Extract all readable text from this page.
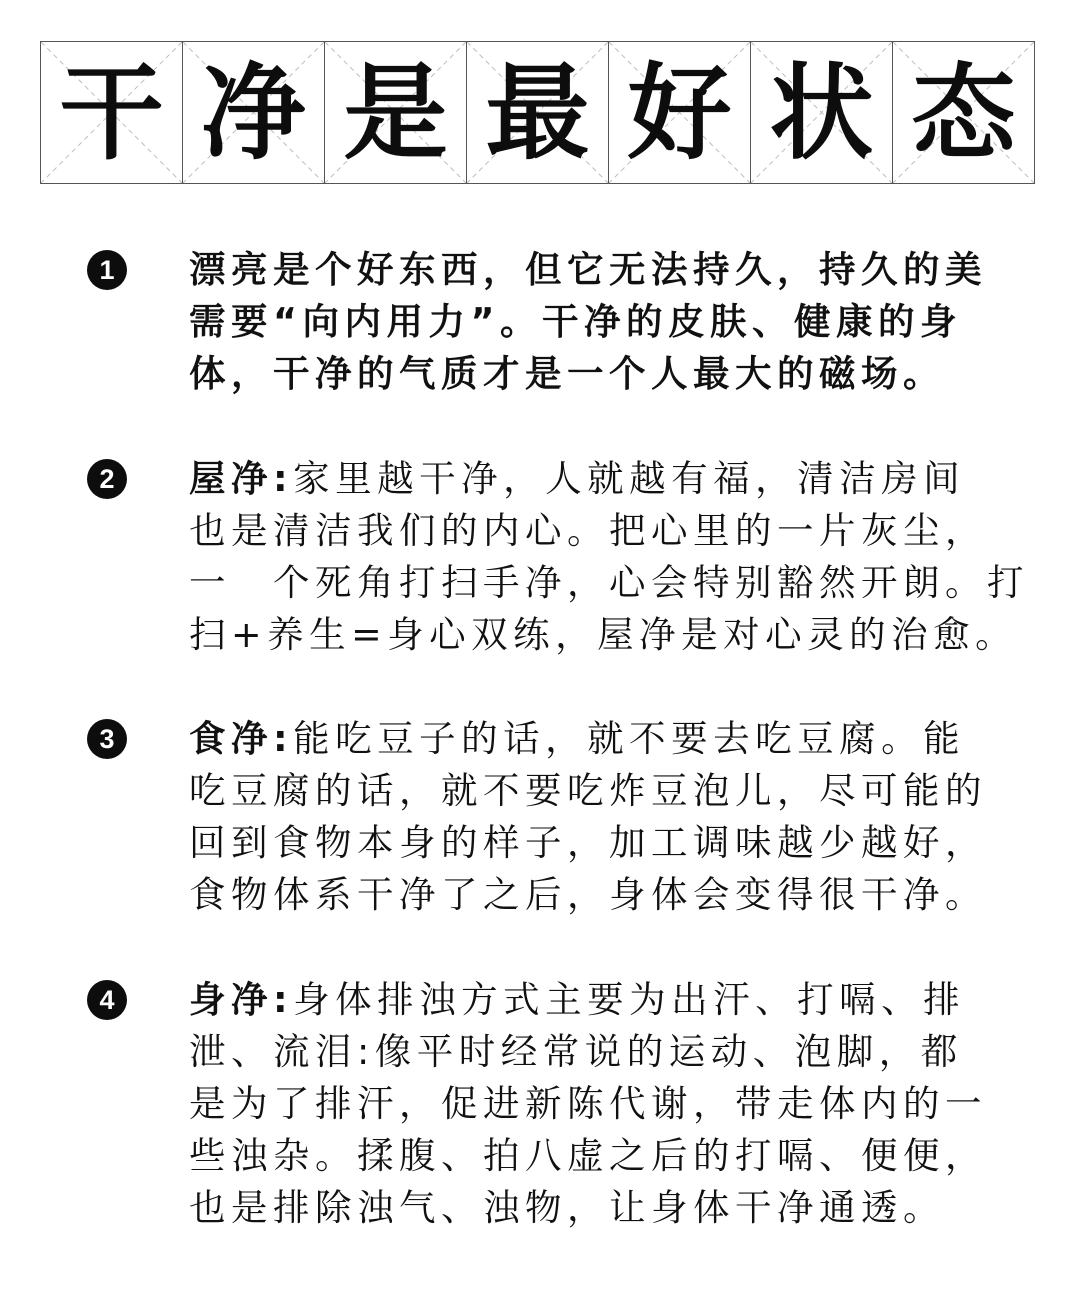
干 净 是 最 好 状 态
1	漂亮是个好东西，但它无法持久，持久的美
需要“向内用力”。干净的皮肤、健康的身
体，干净的气质才是一个人最大的磁场。
2	屋净:家里越干净，人就越有福，清洁房间
也是清洁我们的内心。把心里的一片灰尘，
一　个死角打扫手净，心会特别豁然开朗。打
扫+养生=身心双练，屋净是对心灵的治愈。
3	食净:能吃豆子的话，就不要去吃豆腐。能
吃豆腐的话，就不要吃炸豆泡儿，尽可能的
回到食物本身的样子，加工调味越少越好，
食物体系干净了之后，身体会变得很干净。
4	身净:身体排浊方式主要为出汗、打嗝、排
泄、流泪:像平时经常说的运动、泡脚，都
是为了排汗，促进新陈代谢，带走体内的一
些浊杂。揉腹、拍八虚之后的打嗝、便便，
也是排除浊气、浊物，让身体干净通透。
